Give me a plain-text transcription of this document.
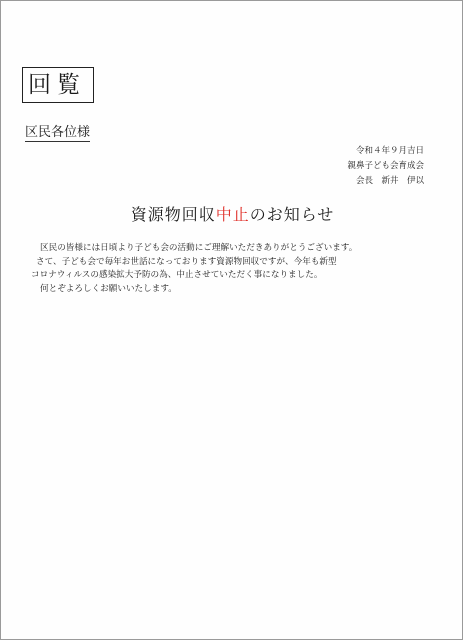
回覧
区民各位様
令和４年９月吉日
親鼻子ども会育成会
会長　新井　伊以
資源物回収中止のお知らせ

区民の皆様には日頃より子ども会の活動にご理解いただきありがとうございます。

さて、子ども会で毎年お世話になっております資源物回収ですが、今年も新型

コロナウィルスの感染拡大予防の為、中止させていただく事になりました。

何とぞよろしくお願いいたします。
